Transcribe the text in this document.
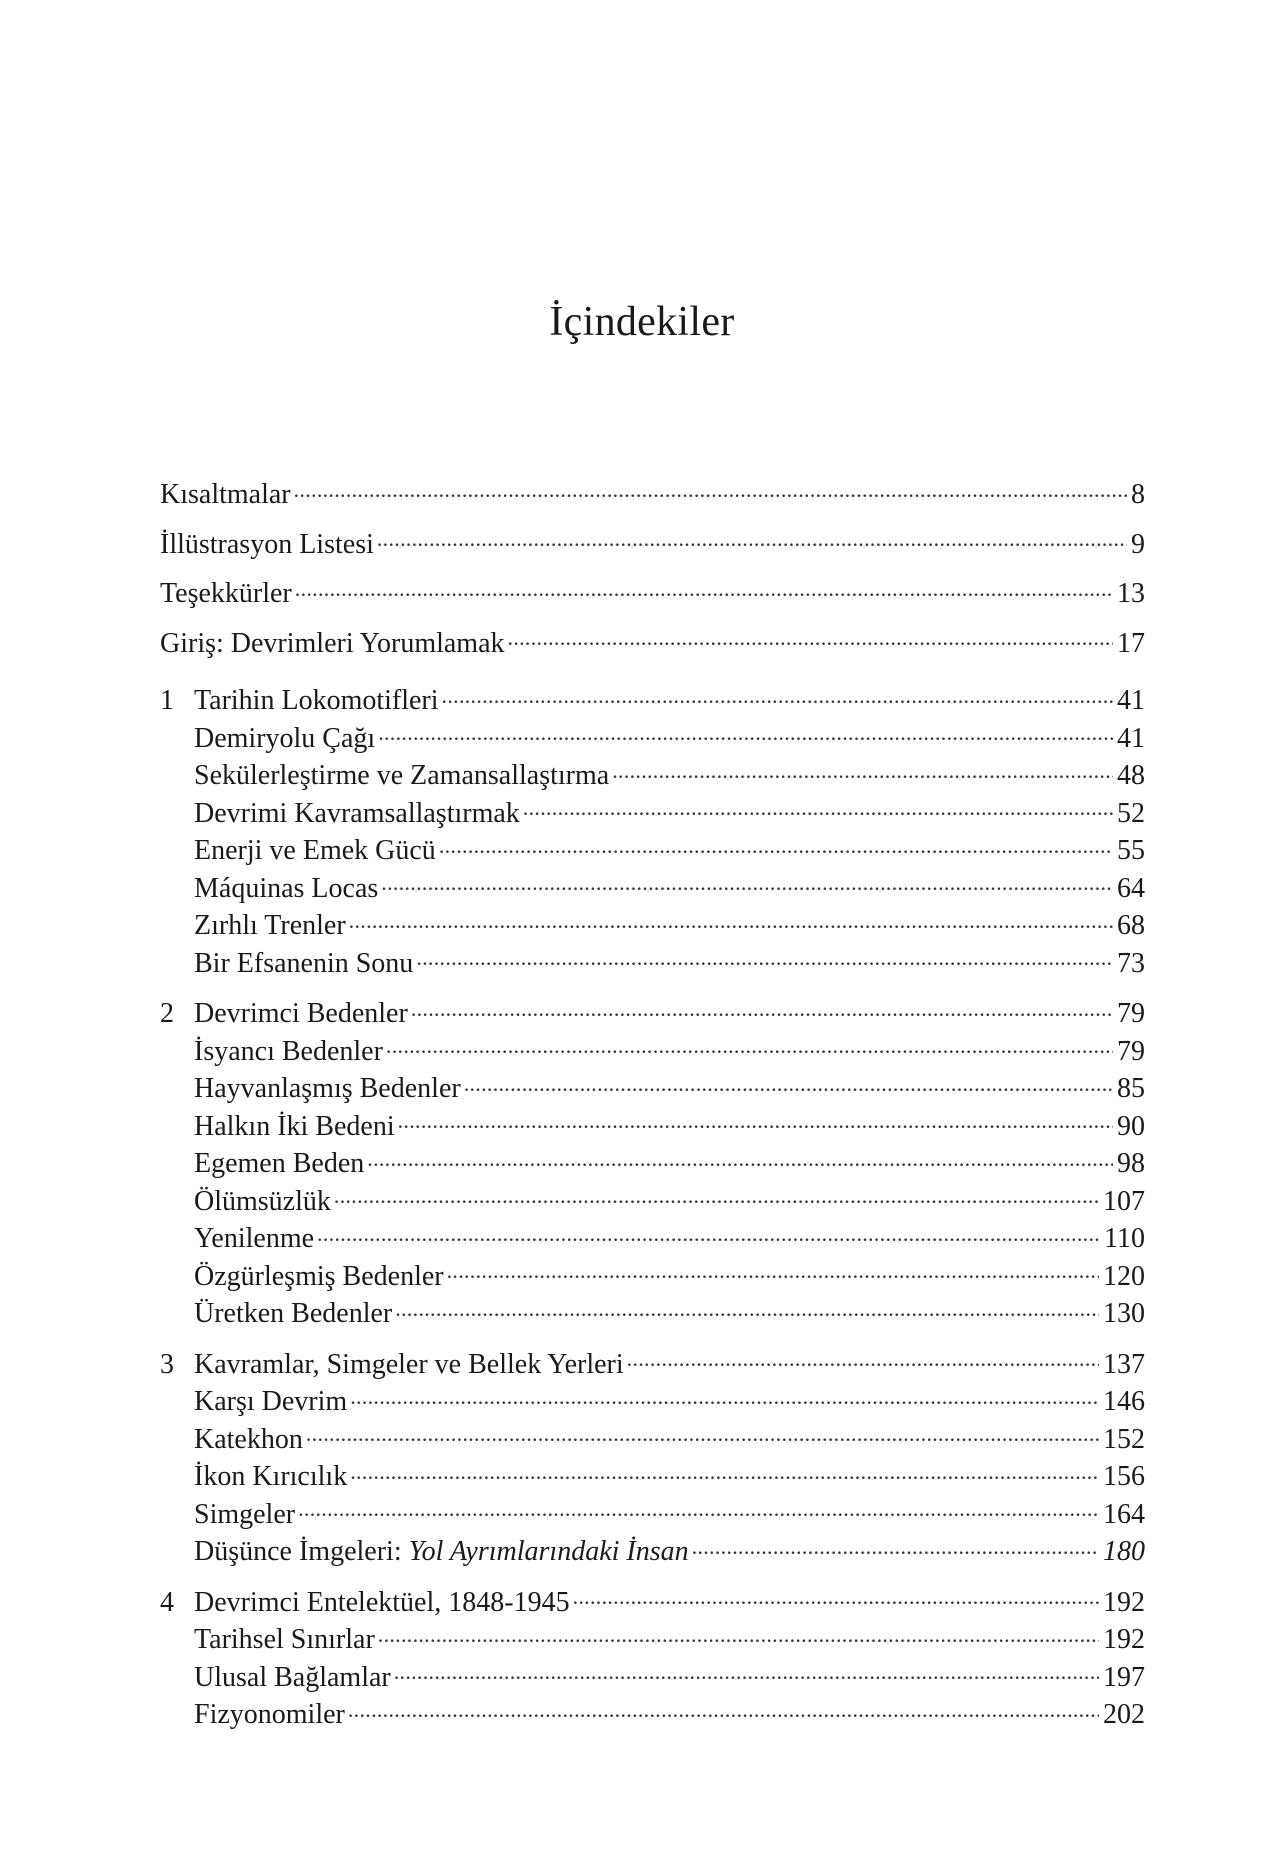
İçindekiler
Kısaltmalar . . .	8
İllüstrasyon Listesi . . .	9
Teşekkürler . . .	13
Giriş: Devrimleri Yorumlamak . . .	17
1 Tarihin Lokomotifleri . . .	41
Demiryolu Çağı . . .	41
Sekülerleştirme ve Zamansallaştırma . . .	48
Devrimi Kavramsallaştırmak . . .	52
Enerji ve Emek Gücü . . .	55
Máquinas Locas . . .	64
Zırhlı Trenler . . .	68
Bir Efsanenin Sonu . . .	73
2 Devrimci Bedenler . . .	79
İsyancı Bedenler . . .	79
Hayvanlaşmış Bedenler . . .	85
Halkın İki Bedeni . . .	90
Egemen Beden . . .	98
Ölümsüzlük . . .	107
Yenilenme . . .	110
Özgürleşmiş Bedenler . . .	120
Üretken Bedenler . . .	130
3 Kavramlar, Simgeler ve Bellek Yerleri . . .	137
Karşı Devrim . . .	146
Katekhon . . .	152
İkon Kırıcılık . . .	156
Simgeler . . .	164
Düşünce İmgeleri: Yol Ayrımlarındaki İnsan . . .	180
4 Devrimci Entelektüel, 1848-1945 . . .	192
Tarihsel Sınırlar . . .	192
Ulusal Bağlamlar . . .	197
Fizyonomiler . . .	202
